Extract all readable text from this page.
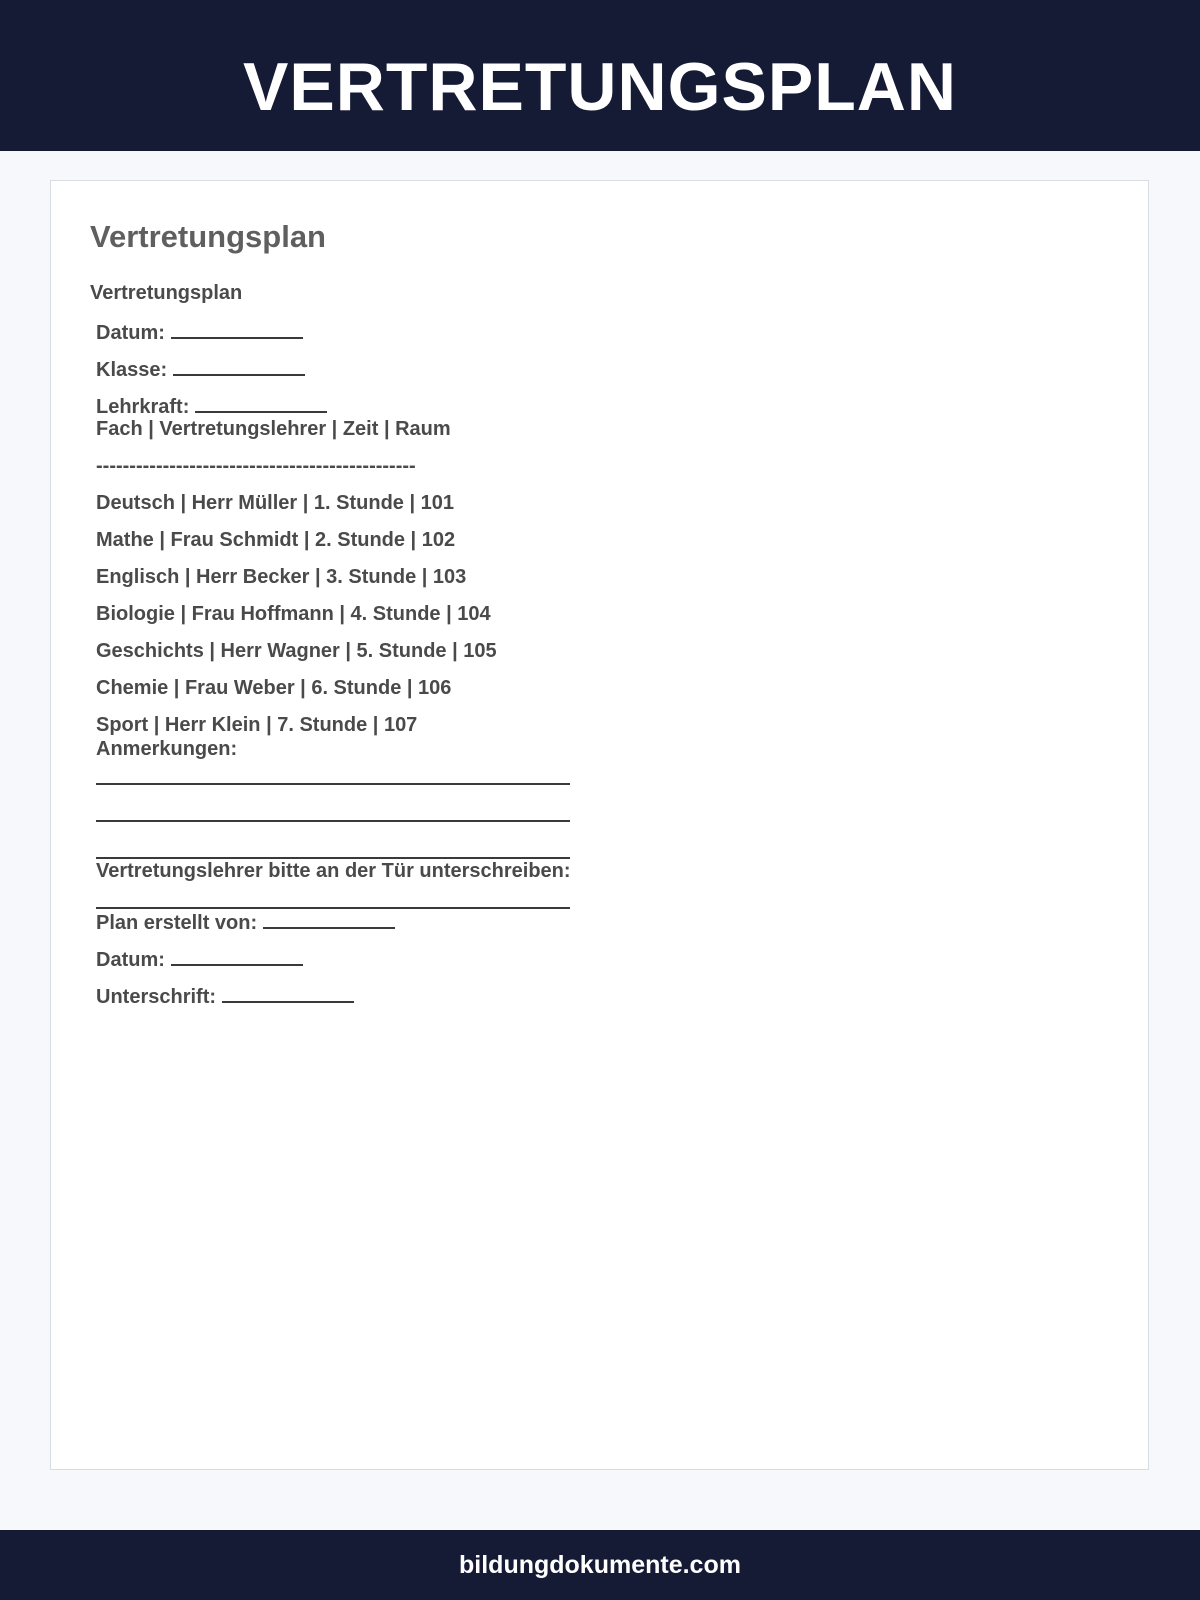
VERTRETUNGSPLAN
Vertretungsplan
Vertretungsplan
Datum:
Klasse:
Lehrkraft:
Fach | Vertretungslehrer | Zeit | Raum
------------------------------------------------
Deutsch | Herr Müller | 1. Stunde | 101
Mathe | Frau Schmidt | 2. Stunde | 102
Englisch | Herr Becker | 3. Stunde | 103
Biologie | Frau Hoffmann | 4. Stunde | 104
Geschichts | Herr Wagner | 5. Stunde | 105
Chemie | Frau Weber | 6. Stunde | 106
Sport | Herr Klein | 7. Stunde | 107
Anmerkungen:
Vertretungslehrer bitte an der Tür unterschreiben:
Plan erstellt von:
Datum:
Unterschrift:
bildungdokumente.com
